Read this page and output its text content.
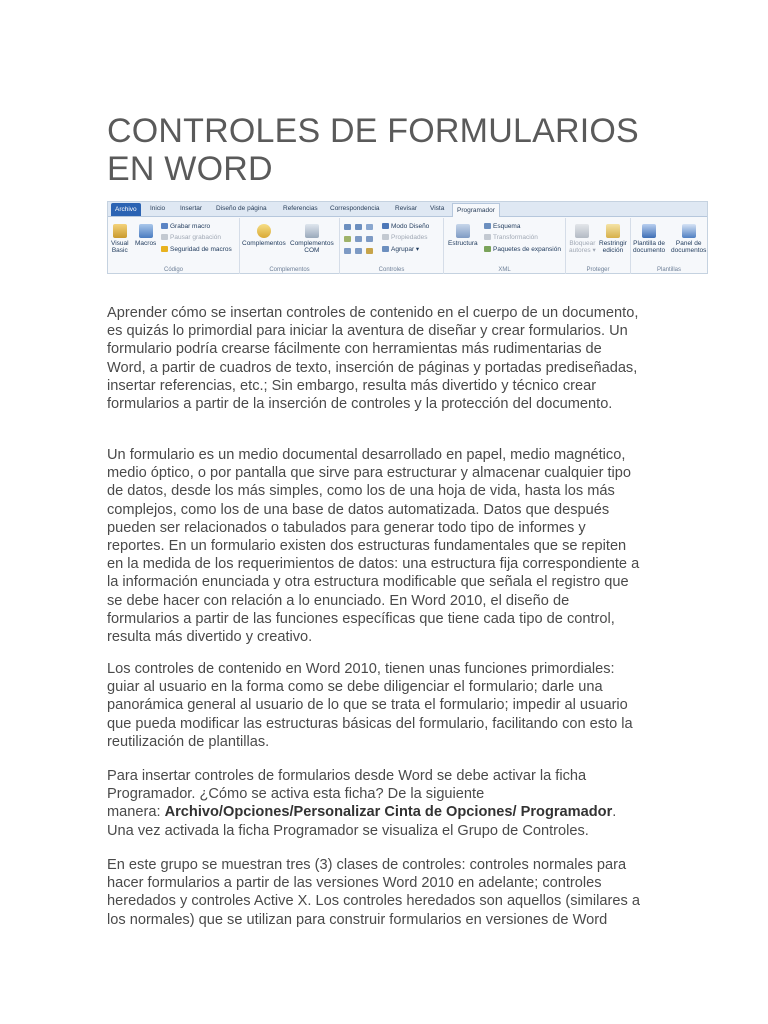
CONTROLES DE FORMULARIOS
EN WORD
Archivo	Inicio Insertar Diseño de página	Referencias Correspondencia Revisar Vista	Programador
Visual
Basic
Macros
Grabar macro
Pausar grabación
Seguridad de macros
Código
Complementos Complementos
COM
Complementos
Modo Diseño
Propiedades
Agrupar ▾
Controles
Estructura
Esquema
Transformación
Paquetes de expansión
XML
Bloquear
autores ▾
Restringir
edición
Proteger
Plantilla de
documento
Panel de
documentos
Plantillas
Aprender cómo se insertan controles de contenido en el cuerpo de un documento,
es quizás lo primordial para iniciar la aventura de diseñar y crear formularios. Un
formulario podría crearse fácilmente con herramientas más rudimentarias de
Word, a partir de cuadros de texto, inserción de páginas y portadas prediseñadas,
insertar referencias, etc.; Sin embargo, resulta más divertido y técnico crear
formularios a partir de la inserción de controles y la protección del documento.
Un formulario es un medio documental desarrollado en papel, medio magnético,
medio óptico, o por pantalla que sirve para estructurar y almacenar cualquier tipo
de datos, desde los más simples, como los de una hoja de vida, hasta los más
complejos, como los de una base de datos automatizada. Datos que después
pueden ser relacionados o tabulados para generar todo tipo de informes y
reportes. En un formulario existen dos estructuras fundamentales que se repiten
en la medida de los requerimientos de datos: una estructura fija correspondiente a
la información enunciada y otra estructura modificable que señala el registro que
se debe hacer con relación a lo enunciado. En Word 2010, el diseño de
formularios a partir de las funciones específicas que tiene cada tipo de control,
resulta más divertido y creativo.
Los controles de contenido en Word 2010, tienen unas funciones primordiales:
guiar al usuario en la forma como se debe diligenciar el formulario; darle una
panorámica general al usuario de lo que se trata el formulario; impedir al usuario
que pueda modificar las estructuras básicas del formulario, facilitando con esto la
reutilización de plantillas.
Para insertar controles de formularios desde Word se debe activar la ficha
Programador. ¿Cómo se activa esta ficha? De la siguiente
manera: Archivo/Opciones/Personalizar Cinta de Opciones/ Programador.
Una vez activada la ficha Programador se visualiza el Grupo de Controles.
En este grupo se muestran tres (3) clases de controles: controles normales para
hacer formularios a partir de las versiones Word 2010 en adelante; controles
heredados y controles Active X. Los controles heredados son aquellos (similares a
los normales) que se utilizan para construir formularios en versiones de Word
